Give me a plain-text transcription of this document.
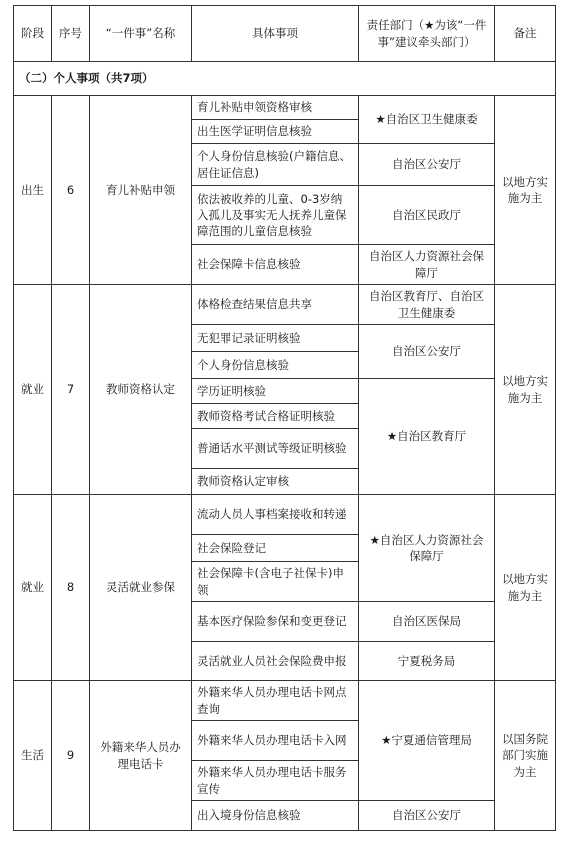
阶段	序号	“一件事”名称	具体事项	责任部门（★为该“一件事”建议牵头部门）	备注
（二）个人事项（共7项）					
出生	6	育儿补贴申领	育儿补贴申领资格审核	★自治区卫生健康委	以地方实施为主
			出生医学证明信息核验		
			个人身份信息核验(户籍信息、居住证信息)	自治区公安厅	
			依法被收养的儿童、0-3岁纳入孤儿及事实无人抚养儿童保障范围的儿童信息核验	自治区民政厅	
			社会保障卡信息核验	自治区人力资源社会保障厅	
就业	7	教师资格认定	体格检查结果信息共享	自治区教育厅、自治区卫生健康委	以地方实施为主
			无犯罪记录证明核验	自治区公安厅	
			个人身份信息核验		
			学历证明核验	★自治区教育厅	
			教师资格考试合格证明核验		
			普通话水平测试等级证明核验		
			教师资格认定审核		
就业	8	灵活就业参保	流动人员人事档案接收和转递	★自治区人力资源社会保障厅	以地方实施为主
			社会保险登记		
			社会保障卡(含电子社保卡)申领		
			基本医疗保险参保和变更登记	自治区医保局	
			灵活就业人员社会保险费申报	宁夏税务局	
生活	9	外籍来华人员办理电话卡	外籍来华人员办理电话卡网点查询	★宁夏通信管理局	以国务院部门实施为主
			外籍来华人员办理电话卡入网		
			外籍来华人员办理电话卡服务宣传		
			出入境身份信息核验	自治区公安厅	
